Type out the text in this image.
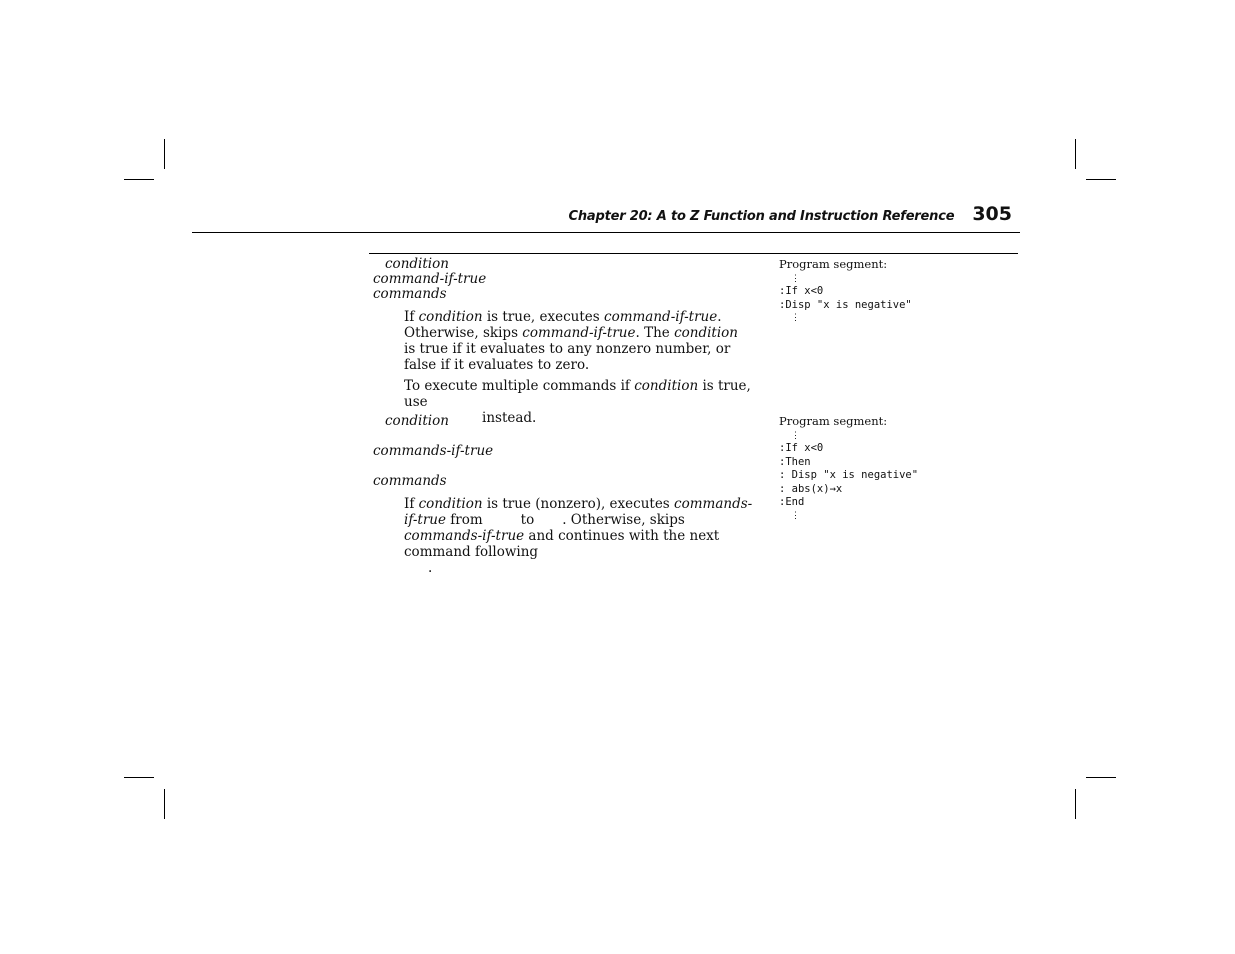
Chapter 20: A to Z Function and Instruction Reference 305

condition

command-if-true

commands

If condition is true, executes command-if-true. Otherwise, skips command-if-true. The condition is true if it evaluates to any nonzero number, or false if it evaluates to zero.

To execute multiple commands if condition is true, use
instead.

Program segment:

⋮

:If x<0

:Disp "x is negative"

⋮

condition

commands-if-true

commands

If condition is true (nonzero), executes commands-if-true from	to . Otherwise, skips commands-if-true and continues with the next command following
.

Program segment:

⋮

:If x<0

:Then

: Disp "x is negative"

: abs(x)→x

:End

⋮
